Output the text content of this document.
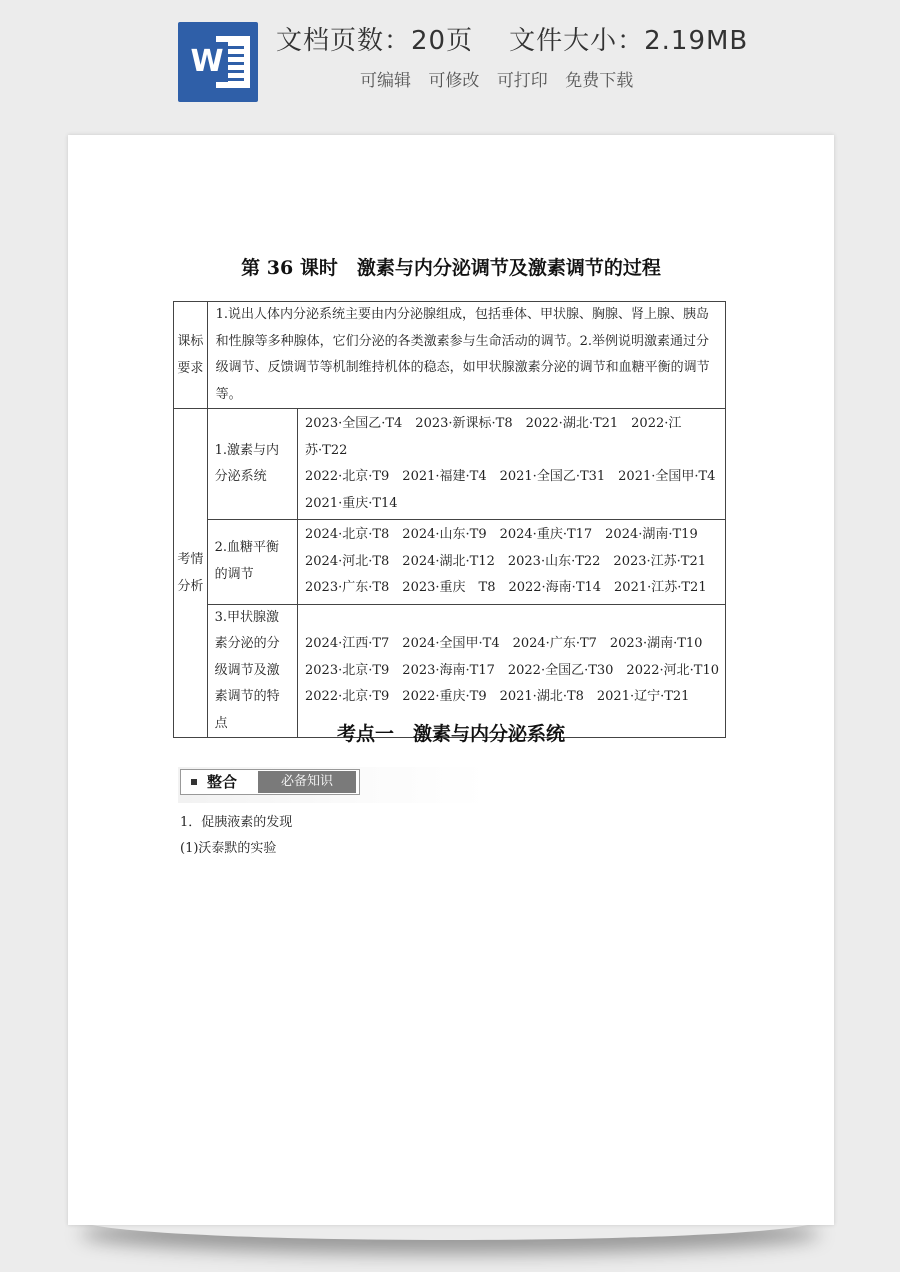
W
文档页数：20页 文件大小：2.19MB
可编辑 可修改 可打印 免费下载
第 36 课时　激素与内分泌调节及激素调节的过程
课标要求	1.说出人体内分泌系统主要由内分泌腺组成，包括垂体、甲状腺、胸腺、肾上腺、胰岛和性腺等多种腺体，它们分泌的各类激素参与生命活动的调节。2.举例说明激素通过分级调节、反馈调节等机制维持机体的稳态，如甲状腺激素分泌的调节和血糖平衡的调节等。	
考情分析	1.激素与内分泌系统	2023·全国乙·T4　2023·新课标·T8　2022·湖北·T21　2022·江
苏·T22
2022·北京·T9　2021·福建·T4　2021·全国乙·T31　2021·全国甲·T4
2021·重庆·T14

	2.血糖平衡的调节	2024·北京·T8　2024·山东·T9　2024·重庆·T17　2024·湖南·T19
2024·河北·T8　2024·湖北·T12　2023·山东·T22　2023·江苏·T21
2023·广东·T8　2023·重庆　T8　2022·海南·T14　2021·江苏·T21

	3.甲状腺激素分泌的分级调节及激素调节的特点	2024·江西·T7　2024·全国甲·T4　2024·广东·T7　2023·湖南·T10
2023·北京·T9　2023·海南·T17　2022·全国乙·T30　2022·河北·T10
2022·北京·T9　2022·重庆·T9　2021·湖北·T8　2021·辽宁·T21
考点一　激素与内分泌系统
整合	必备知识
1．促胰液素的发现
(1)沃泰默的实验
